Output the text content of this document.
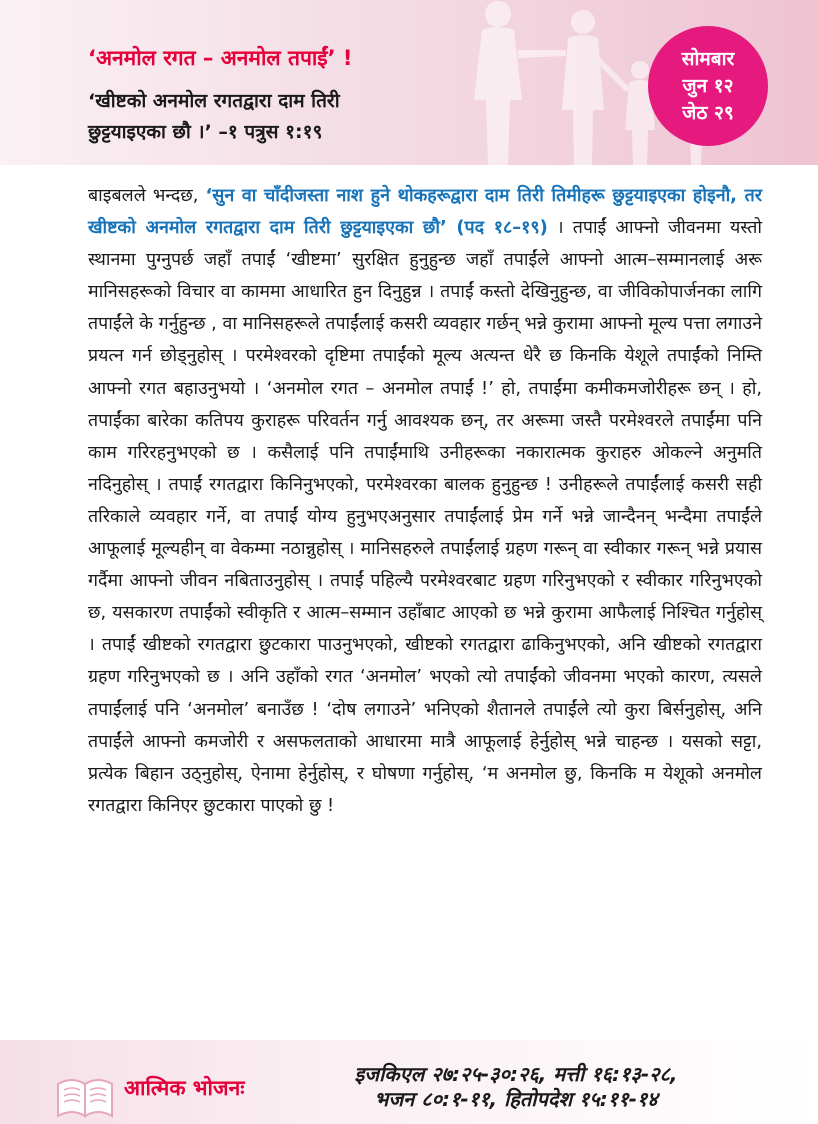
‘अनमोल रगत – अनमोल तपाईं’ !
‘खीष्टको अनमोल रगतद्वारा दाम तिरी
छुट्टयाइएका छौ ।’ –१ पत्रुस १:१९
सोमबार
जुन १२
जेठ २९

बाइबलले भन्दछ, ‘सुन वा चाँदीजस्ता नाश हुने थोकहरूद्वारा दाम तिरी तिमीहरू छुट्टयाइएका होइनौ, तर खीष्टको अनमोल रगतद्वारा दाम तिरी छुट्टयाइएका छौ’ (पद १८–१९) । तपाईं आफ्नो जीवनमा यस्तो स्थानमा पुग्नुपर्छ जहाँ तपाईं ‘खीष्टमा’ सुरक्षित हुनुहुन्छ जहाँ तपाईंले आफ्नो आत्म–सम्मानलाई अरू मानिसहरूको विचार वा काममा आधारित हुन दिनुहुन्न । तपाईं कस्तो देखिनुहुन्छ, वा जीविकोपार्जनका लागि तपाईंले के गर्नुहुन्छ , वा मानिसहरूले तपाईंलाई कसरी व्यवहार गर्छन् भन्ने कुरामा आफ्नो मूल्य पत्ता लगाउने प्रयत्न गर्न छोड्नुहोस् । परमेश्वरको दृष्टिमा तपाईंको मूल्य अत्यन्त धेरै छ किनकि येशूले तपाईंको निम्ति आफ्नो रगत बहाउनुभयो । ‘अनमोल रगत – अनमोल तपाईं !’ हो, तपाईंमा कमीकमजोरीहरू छन् । हो, तपाईंका बारेका कतिपय कुराहरू परिवर्तन गर्नु आवश्यक छन्, तर अरूमा जस्तै परमेश्वरले तपाईंमा पनि काम गरिरहनुभएको छ । कसैलाई पनि तपाईंमाथि उनीहरूका नकारात्मक कुराहरु ओकल्ने अनुमति नदिनुहोस् । तपाईं रगतद्वारा किनिनुभएको, परमेश्वरका बालक हुनुहुन्छ ! उनीहरूले तपाईंलाई कसरी सही तरिकाले व्यवहार गर्ने, वा तपाईं योग्य हुनुभएअनुसार तपाईंलाई प्रेम गर्ने भन्ने जान्दैनन् भन्दैमा तपाईंले आफूलाई मूल्यहीन् वा वेकम्मा नठान्नुहोस् । मानिसहरुले तपाईंलाई ग्रहण गरून् वा स्वीकार गरून् भन्ने प्रयास गर्दैमा आफ्नो जीवन नबिताउनुहोस् । तपाईं पहिल्यै परमेश्वरबाट ग्रहण गरिनुभएको र स्वीकार गरिनुभएको छ, यसकारण तपाईंको स्वीकृति र आत्म–सम्मान उहाँबाट आएको छ भन्ने कुरामा आफैलाई निश्चित गर्नुहोस् । तपाईं खीष्टको रगतद्वारा छुटकारा पाउनुभएको, खीष्टको रगतद्वारा ढाकिनुभएको, अनि खीष्टको रगतद्वारा ग्रहण गरिनुभएको छ । अनि उहाँको रगत ‘अनमोल’ भएको त्यो तपाईंको जीवनमा भएको कारण, त्यसले तपाईंलाई पनि ‘अनमोल’ बनाउँछ ! ‘दोष लगाउने’ भनिएको शैतानले तपाईंले त्यो कुरा बिर्सनुहोस्, अनि तपाईंले आफ्नो कमजोरी र असफलताको आधारमा मात्रै आफूलाई हेर्नुहोस् भन्ने चाहन्छ । यसको सट्टा, प्रत्येक बिहान उठ्नुहोस्, ऐनामा हेर्नुहोस्, र घोषणा गर्नुहोस्, ‘म अनमोल छु, किनकि म येशूको अनमोल रगतद्वारा किनिएर छुटकारा पाएको छु !

आत्मिक भोजनः
इजकिएल २७:२५-३०:२६, मत्ती १६:१३-२८,
भजन ८०:१-११, हितोपदेश १५:११-१४
